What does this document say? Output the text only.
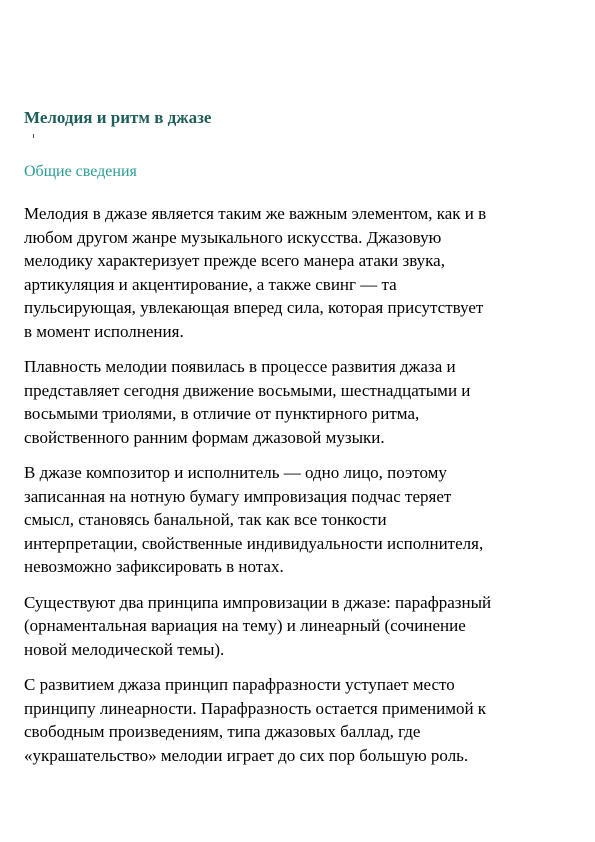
Мелодия и ритм в джазе
Общие сведения

Мелодия в джазе является таким же важным элементом, как и в
любом другом жанре музыкального искусства. Джазовую
мелодику характеризует прежде всего манера атаки звука,
артикуляция и акцентирование, а также свинг — та
пульсирующая, увлекающая вперед сила, которая присутствует
в момент исполнения.

Плавность мелодии появилась в процессе развития джаза и
представляет сегодня движение восьмыми, шестнадцатыми и
восьмыми триолями, в отличие от пунктирного ритма,
свойственного ранним формам джазовой музыки.

В джазе композитор и исполнитель — одно лицо, поэтому
записанная на нотную бумагу импровизация подчас теряет
смысл, становясь банальной, так как все тонкости
интерпретации, свойственные индивидуальности исполнителя,
невозможно зафиксировать в нотах.

Существуют два принципа импровизации в джазе: парафразный
(орнаментальная вариация на тему) и линеарный (сочинение
новой мелодической темы).

С развитием джаза принцип парафразности уступает место
принципу линеарности. Парафразность остается применимой к
свободным произведениям, типа джазовых баллад, где
«украшательство» мелодии играет до сих пор большую роль.
